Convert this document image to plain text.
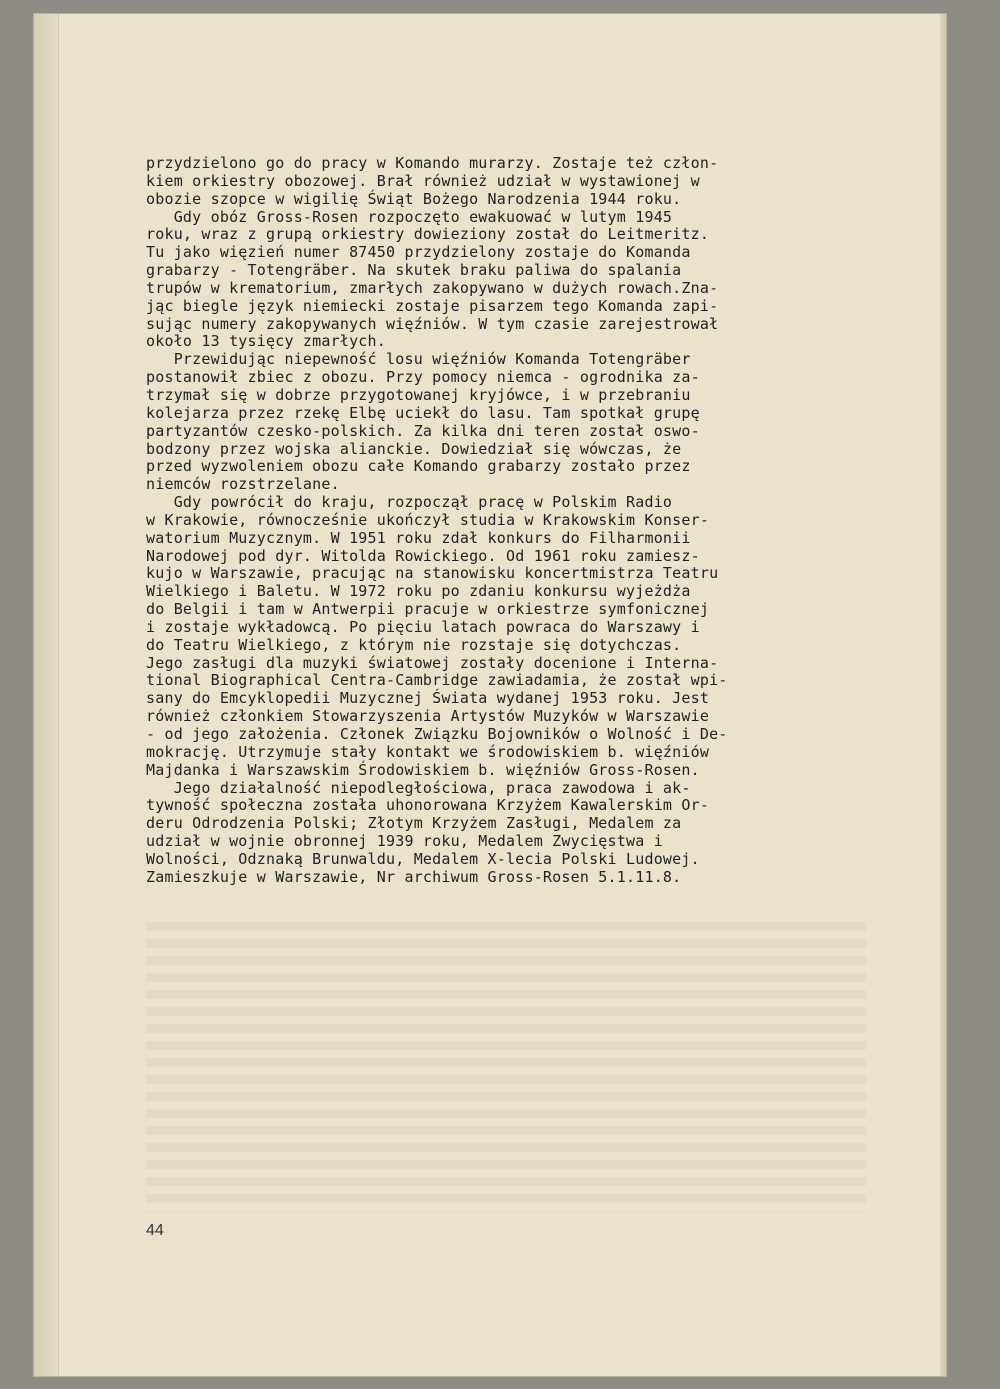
przydzielono go do pracy w Komando murarzy. Zostaje też człon-
kiem orkiestry obozowej. Brał również udział w wystawionej w
obozie szopce w wigilię Świąt Bożego Narodzenia 1944 roku.
Gdy obóz Gross-Rosen rozpoczęto ewakuować w lutym 1945
roku, wraz z grupą orkiestry dowieziony został do Leitmeritz.
Tu jako więzień numer 87450 przydzielony zostaje do Komanda
grabarzy - Totengräber. Na skutek braku paliwa do spalania
trupów w krematorium, zmarłych zakopywano w dużych rowach.Zna-
jąc biegle język niemiecki zostaje pisarzem tego Komanda zapi-
sując numery zakopywanych więźniów. W tym czasie zarejestrował
około 13 tysięcy zmarłych.
Przewidując niepewność losu więźniów Komanda Totengräber
postanowił zbiec z obozu. Przy pomocy niemca - ogrodnika za-
trzymał się w dobrze przygotowanej kryjówce, i w przebraniu
kolejarza przez rzekę Elbę uciekł do lasu. Tam spotkał grupę
partyzantów czesko-polskich. Za kilka dni teren został oswo-
bodzony przez wojska alianckie. Dowiedział się wówczas, że
przed wyzwoleniem obozu całe Komando grabarzy zostało przez
niemców rozstrzelane.
Gdy powrócił do kraju, rozpoczął pracę w Polskim Radio
w Krakowie, równocześnie ukończył studia w Krakowskim Konser-
watorium Muzycznym. W 1951 roku zdał konkurs do Filharmonii
Narodowej pod dyr. Witolda Rowickiego. Od 1961 roku zamiesz-
kujo w Warszawie, pracując na stanowisku koncertmistrza Teatru
Wielkiego i Baletu. W 1972 roku po zdaniu konkursu wyjeżdża
do Belgii i tam w Antwerpii pracuje w orkiestrze symfonicznej
i zostaje wykładowcą. Po pięciu latach powraca do Warszawy i
do Teatru Wielkiego, z którym nie rozstaje się dotychczas.
Jego zasługi dla muzyki światowej zostały docenione i Interna-
tional Biographical Centra-Cambridge zawiadamia, że został wpi-
sany do Emcyklopedii Muzycznej Świata wydanej 1953 roku. Jest
również członkiem Stowarzyszenia Artystów Muzyków w Warszawie
- od jego założenia. Członek Związku Bojowników o Wolność i De-
mokrację. Utrzymuje stały kontakt we środowiskiem b. więźniów
Majdanka i Warszawskim Środowiskiem b. więźniów Gross-Rosen.
Jego działalność niepodległościowa, praca zawodowa i ak-
tywność społeczna została uhonorowana Krzyżem Kawalerskim Or-
deru Odrodzenia Polski; Złotym Krzyżem Zasługi, Medalem za
udział w wojnie obronnej 1939 roku, Medalem Zwycięstwa i
Wolności, Odznaką Brunwaldu, Medalem X-lecia Polski Ludowej.
Zamieszkuje w Warszawie, Nr archiwum Gross-Rosen 5.1.11.8.
44
